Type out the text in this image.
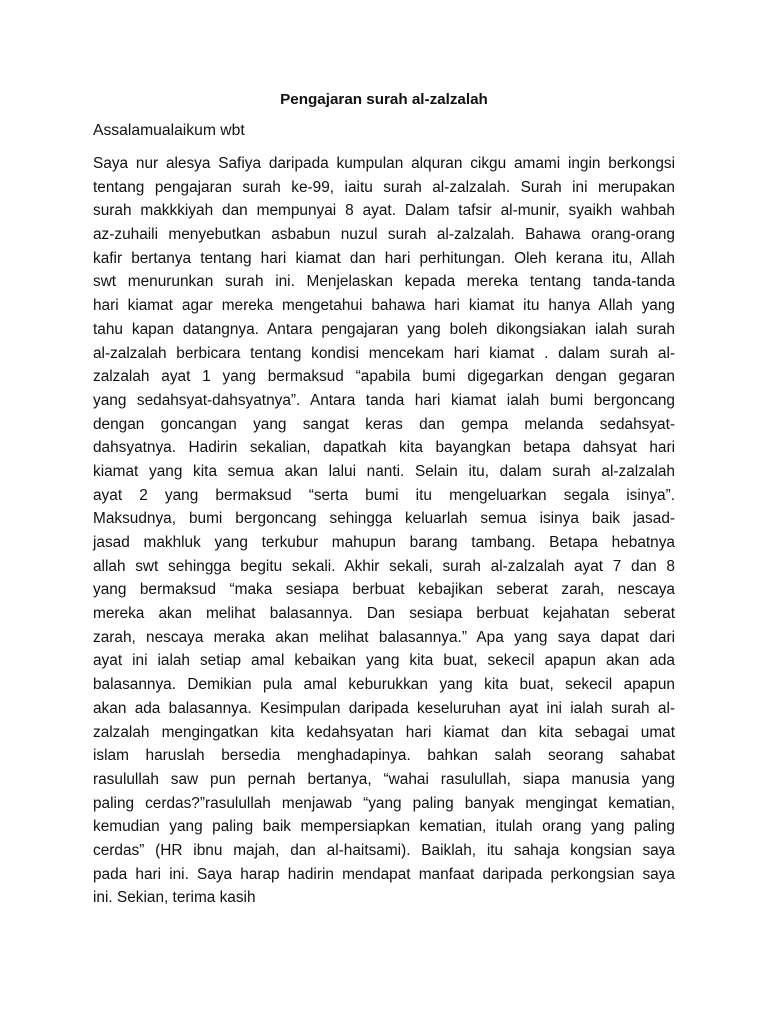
Pengajaran surah al-zalzalah

Assalamualaikum wbt

Saya nur alesya Safiya daripada kumpulan alquran cikgu amami ingin berkongsi
tentang pengajaran surah ke-99, iaitu surah al-zalzalah. Surah ini merupakan
surah makkkiyah dan mempunyai 8 ayat. Dalam tafsir al-munir, syaikh wahbah
az-zuhaili menyebutkan asbabun nuzul surah al-zalzalah. Bahawa orang-orang
kafir bertanya tentang hari kiamat dan hari perhitungan. Oleh kerana itu, Allah
swt menurunkan surah ini. Menjelaskan kepada mereka tentang tanda-tanda
hari kiamat agar mereka mengetahui bahawa hari kiamat itu hanya Allah yang
tahu kapan datangnya. Antara pengajaran yang boleh dikongsiakan ialah surah
al-zalzalah berbicara tentang kondisi mencekam hari kiamat . dalam surah al-
zalzalah ayat 1 yang bermaksud “apabila bumi digegarkan dengan gegaran
yang sedahsyat-dahsyatnya”. Antara tanda hari kiamat ialah bumi bergoncang
dengan goncangan yang sangat keras dan gempa melanda sedahsyat-
dahsyatnya. Hadirin sekalian, dapatkah kita bayangkan betapa dahsyat hari
kiamat yang kita semua akan lalui nanti. Selain itu, dalam surah al-zalzalah
ayat 2 yang bermaksud “serta bumi itu mengeluarkan segala isinya”.
Maksudnya, bumi bergoncang sehingga keluarlah semua isinya baik jasad-
jasad makhluk yang terkubur mahupun barang tambang. Betapa hebatnya
allah swt sehingga begitu sekali. Akhir sekali, surah al-zalzalah ayat 7 dan 8
yang bermaksud “maka sesiapa berbuat kebajikan seberat zarah, nescaya
mereka akan melihat balasannya. Dan sesiapa berbuat kejahatan seberat
zarah, nescaya meraka akan melihat balasannya.” Apa yang saya dapat dari
ayat ini ialah setiap amal kebaikan yang kita buat, sekecil apapun akan ada
balasannya. Demikian pula amal keburukkan yang kita buat, sekecil apapun
akan ada balasannya. Kesimpulan daripada keseluruhan ayat ini ialah surah al-
zalzalah mengingatkan kita kedahsyatan hari kiamat dan kita sebagai umat
islam haruslah bersedia menghadapinya. bahkan salah seorang sahabat
rasulullah saw pun pernah bertanya, “wahai rasulullah, siapa manusia yang
paling cerdas?”rasulullah menjawab “yang paling banyak mengingat kematian,
kemudian yang paling baik mempersiapkan kematian, itulah orang yang paling
cerdas” (HR ibnu majah, dan al-haitsami). Baiklah, itu sahaja kongsian saya
pada hari ini. Saya harap hadirin mendapat manfaat daripada perkongsian saya
ini. Sekian, terima kasih
